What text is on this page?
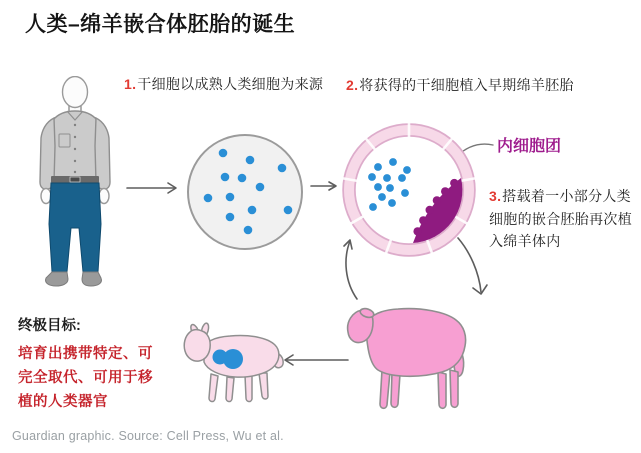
人类–绵羊嵌合体胚胎的诞生
1.干细胞以成熟人类细胞为来源 2.将获得的干细胞植入早期绵羊胚胎
内细胞团
3.搭载着一小部分人类细胞的嵌合胚胎再次植入绵羊体内
终极目标:
培育出携带特定、可完全取代、可用于移植的人类器官
Guardian graphic. Source: Cell Press, Wu et al.
